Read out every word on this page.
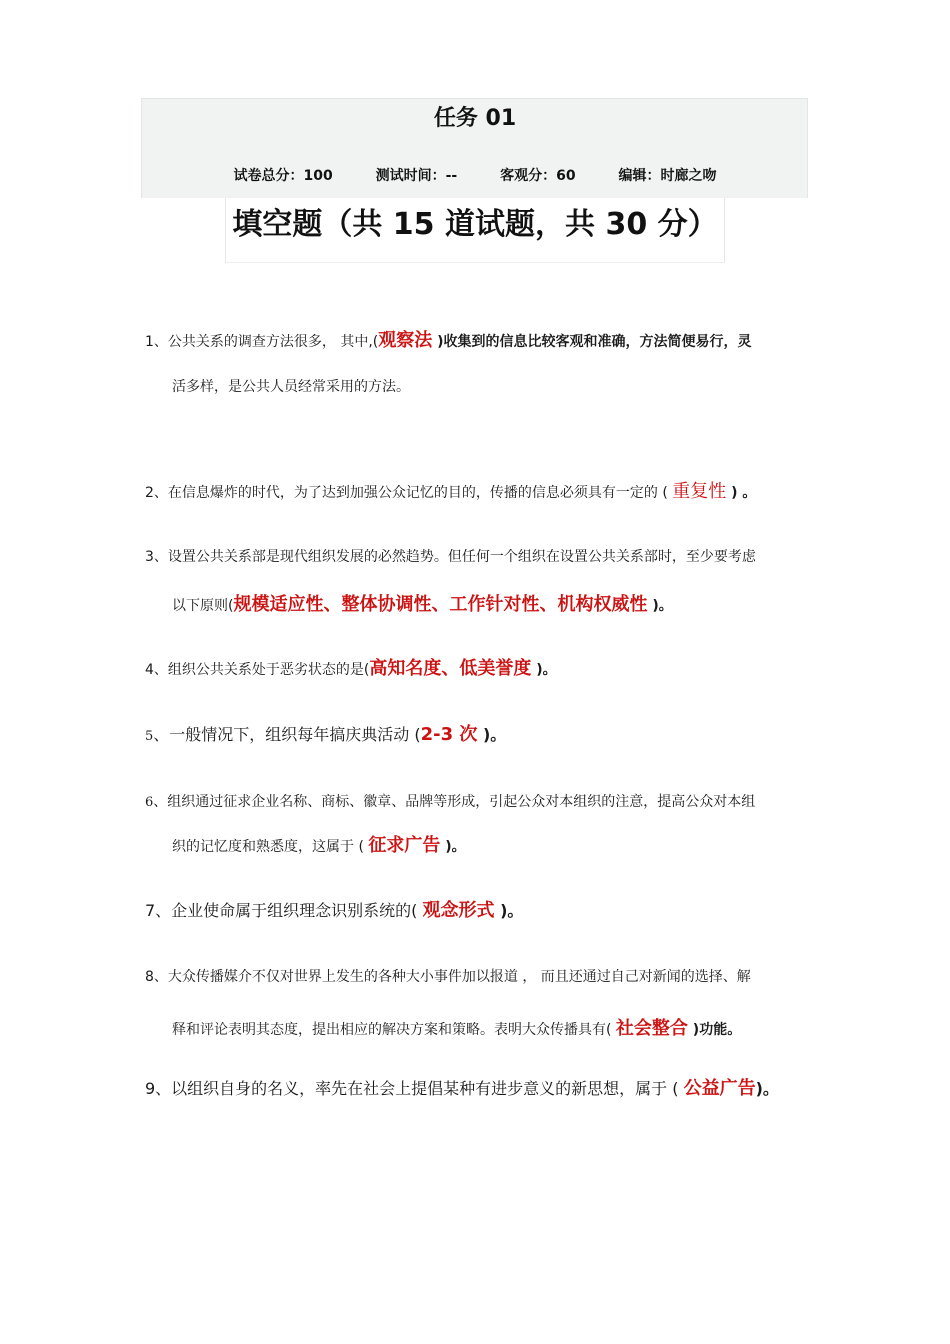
任务 01
试卷总分：100	测试时间：--	客观分：60	编辑：时廊之吻
填空题（共 15 道试题，共 30 分）
1、公共关系的调查方法很多， 其中,(观察法 )收集到的信息比较客观和准确，方法简便易行，灵
活多样，是公共人员经常采用的方法。
2、在信息爆炸的时代，为了达到加强公众记忆的目的，传播的信息必须具有一定的 ( 重复性 ) 。
3、设置公共关系部是现代组织发展的必然趋势。但任何一个组织在设置公共关系部时，至少要考虑
以下原则(规模适应性、整体协调性、工作针对性、机构权威性 )。
4、组织公共关系处于恶劣状态的是(高知名度、低美誉度 )。
5、一般情况下，组织每年搞庆典活动 (2-3 次 )。
6、组织通过征求企业名称、商标、徽章、品牌等形成，引起公众对本组织的注意，提高公众对本组
织的记忆度和熟悉度，这属于 ( 征求广告 )。
7、企业使命属于组织理念识别系统的( 观念形式 )。
8、大众传播媒介不仅对世界上发生的各种大小事件加以报道 ， 而且还通过自己对新闻的选择、解
释和评论表明其态度，提出相应的解决方案和策略。表明大众传播具有( 社会整合 )功能。
9、以组织自身的名义，率先在社会上提倡某种有进步意义的新思想，属于 ( 公益广告)。
